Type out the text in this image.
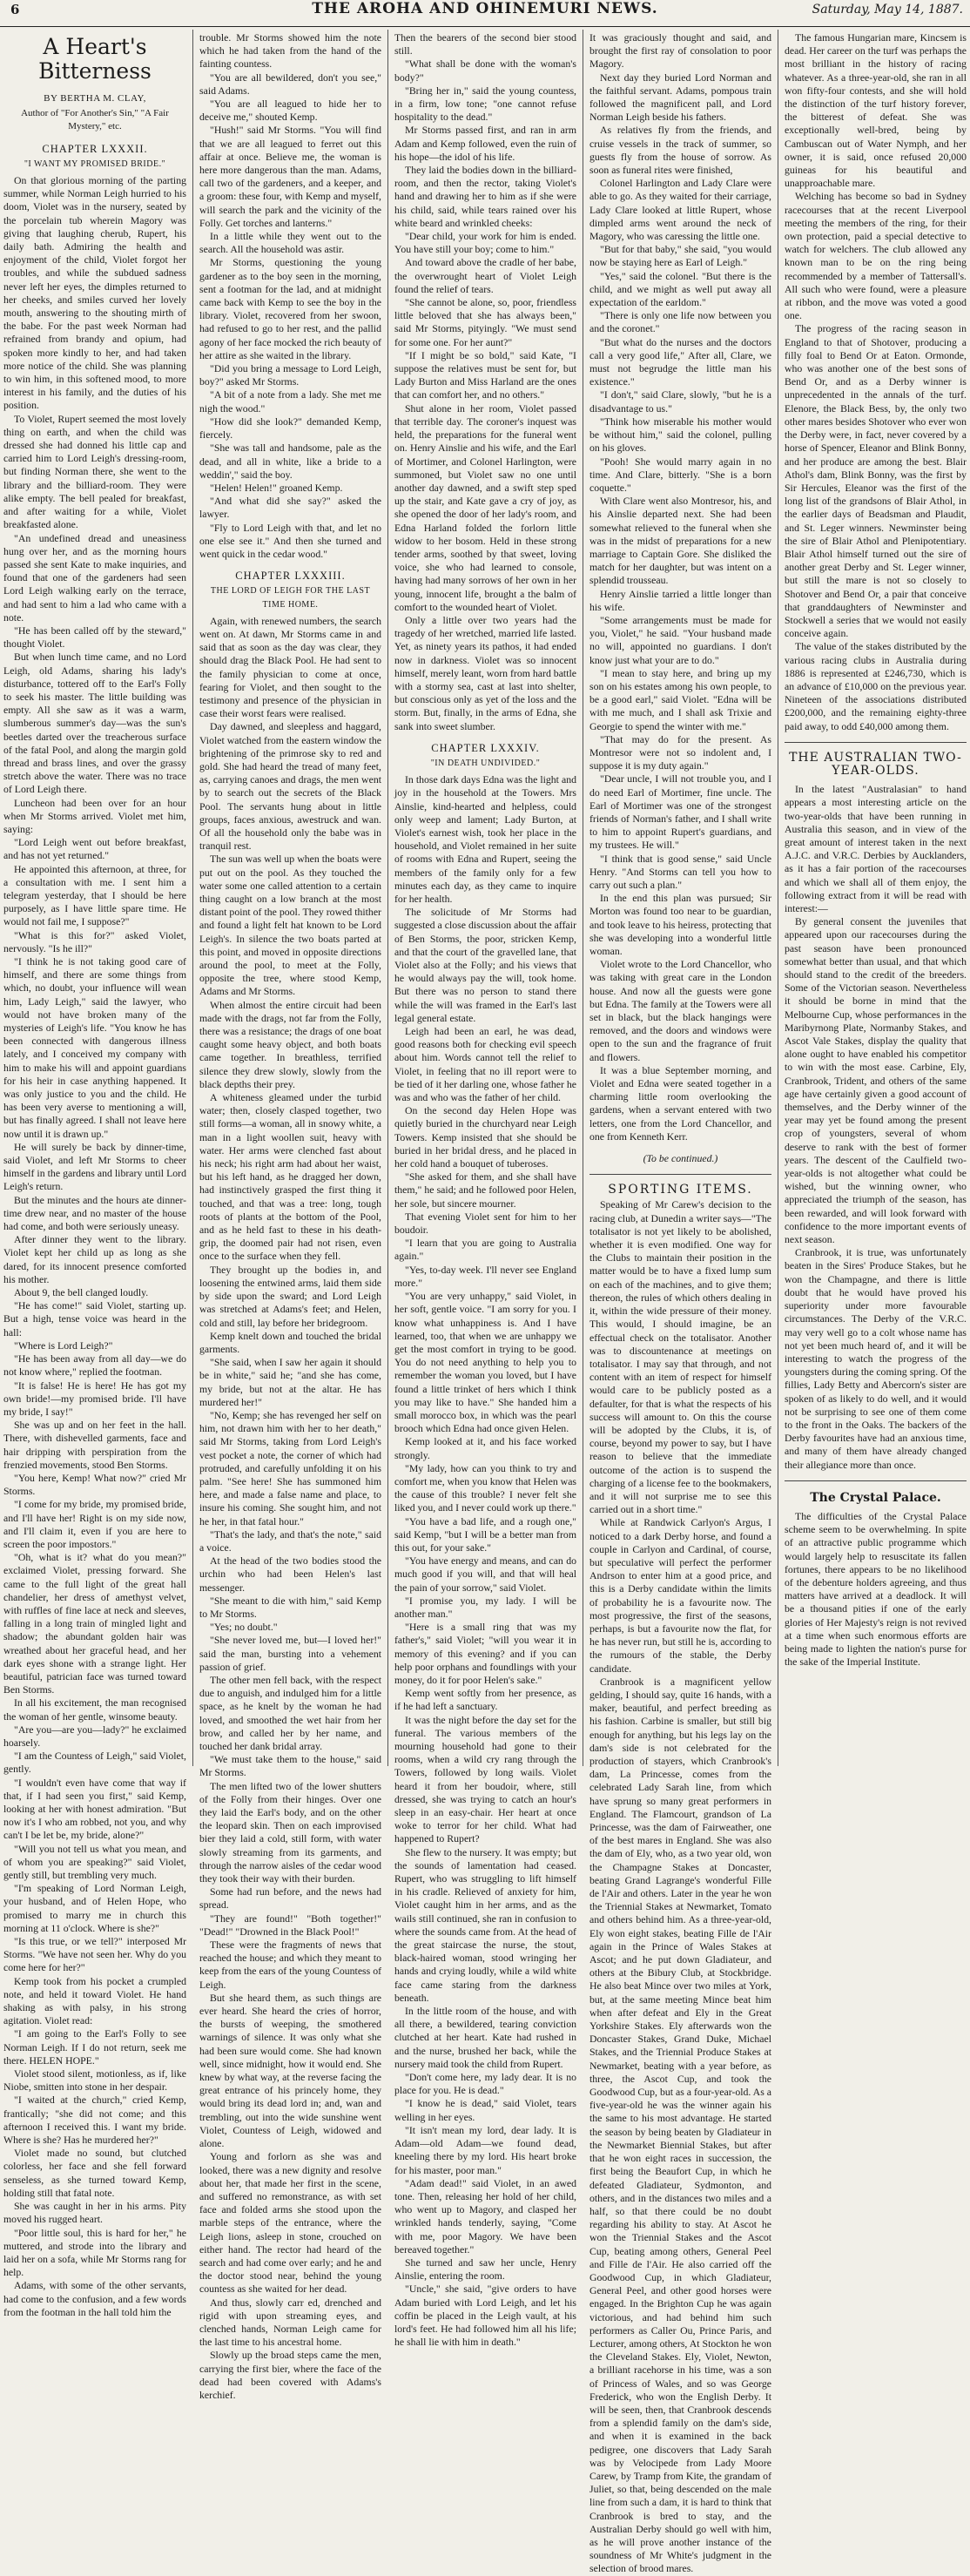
6	THE AROHA AND OHINEMURI NEWS.	Saturday, May 14, 1887.
A Heart's Bitterness
BY BERTHA M. CLAY,
Author of "For Another's Sin," "A Fair Mystery," etc.
CHAPTER LXXXII.
"I WANT MY PROMISED BRIDE."

On that glorious morning of the parting summer, while Norman Leigh hurried to his doom, Violet was in the nursery, seated by the porcelain tub wherein Magory was giving that laughing cherub, Rupert, his daily bath. Admiring the health and enjoyment of the child, Violet forgot her troubles, and while the subdued sadness never left her eyes, the dimples returned to her cheeks, and smiles curved her lovely mouth, answering to the shouting mirth of the babe. For the past week Norman had refrained from brandy and opium, had spoken more kindly to her, and had taken more notice of the child. She was planning to win him, in this softened mood, to more interest in his family, and the duties of his position.

To Violet, Rupert seemed the most lovely thing on earth, and when the child was dressed she had donned his little cap and carried him to Lord Leigh's dressing-room, but finding Norman there, she went to the library and the billiard-room. They were alike empty. The bell pealed for breakfast, and after waiting for a while, Violet breakfasted alone.

"An undefined dread and uneasiness hung over her, and as the morning hours passed she sent Kate to make inquiries, and found that one of the gardeners had seen Lord Leigh walking early on the terrace, and had sent to him a lad who came with a note.

"He has been called off by the steward," thought Violet.

But when lunch time came, and no Lord Leigh, old Adams, sharing his lady's disturbance, tottered off to the Earl's Folly to seek his master. The little building was empty. All she saw as it was a warm, slumberous summer's day—was the sun's beetles darted over the treacherous surface of the fatal Pool, and along the margin gold thread and brass lines, and over the grassy stretch above the water. There was no trace of Lord Leigh there.

Luncheon had been over for an hour when Mr Storms arrived. Violet met him, saying:

"Lord Leigh went out before breakfast, and has not yet returned."

He appointed this afternoon, at three, for a consultation with me. I sent him a telegram yesterday, that I should be here purposely, as I have little spare time. He would not fail me, I suppose?"

"What is this for?" asked Violet, nervously. "Is he ill?"

"I think he is not taking good care of himself, and there are some things from which, no doubt, your influence will wean him, Lady Leigh," said the lawyer, who would not have broken many of the mysteries of Leigh's life. "You know he has been connected with dangerous illness lately, and I conceived my company with him to make his will and appoint guardians for his heir in case anything happened. It was only justice to you and the child. He has been very averse to mentioning a will, but has finally agreed. I shall not leave here now until it is drawn up."

He will surely be back by dinner-time, said Violet, and left Mr Storms to cheer himself in the gardens and library until Lord Leigh's return.

But the minutes and the hours ate dinner-time drew near, and no master of the house had come, and both were seriously uneasy.

After dinner they went to the library. Violet kept her child up as long as she dared, for its innocent presence comforted his mother.

About 9, the bell clanged loudly.

"He has come!" said Violet, starting up. But a high, tense voice was heard in the hall:

"Where is Lord Leigh?"

"He has been away from all day—we do not know where," replied the footman.

"It is false! He is here! He has got my own bride!—my promised bride. I'll have my bride, I say!"

She was up and on her feet in the hall. There, with dishevelled garments, face and hair dripping with perspiration from the frenzied movements, stood Ben Storms.

"You here, Kemp! What now?" cried Mr Storms.

"I come for my bride, my promised bride, and I'll have her! Right is on my side now, and I'll claim it, even if you are here to screen the poor impostors."

"Oh, what is it? what do you mean?" exclaimed Violet, pressing forward. She came to the full light of the great hall chandelier, her dress of amethyst velvet, with ruffles of fine lace at neck and sleeves, falling in a long train of mingled light and shadow; the abundant golden hair was wreathed about her graceful head, and her dark eyes shone with a strange light. Her beautiful, patrician face was turned toward Ben Storms.

In all his excitement, the man recognised the woman of her gentle, winsome beauty.

"Are you—are you—lady?" he exclaimed hoarsely.

"I am the Countess of Leigh," said Violet, gently.

"I wouldn't even have come that way if that, if I had seen you first," said Kemp, looking at her with honest admiration. "But now it's I who am robbed, not you, and why can't I be let be, my bride, alone?"

"Will you not tell us what you mean, and of whom you are speaking?" said Violet, gently still, but trembling very much.

"I'm speaking of Lord Norman Leigh, your husband, and of Helen Hope, who promised to marry me in church this morning at 11 o'clock. Where is she?"

"Is this true, or we tell?" interposed Mr Storms. "We have not seen her. Why do you come here for her?"

Kemp took from his pocket a crumpled note, and held it toward Violet. He hand shaking as with palsy, in his strong agitation. Violet read:

"I am going to the Earl's Folly to see Norman Leigh. If I do not return, seek me there. HELEN HOPE."

Violet stood silent, motionless, as if, like Niobe, smitten into stone in her despair.

"I waited at the church," cried Kemp, frantically; "she did not come; and this afternoon I received this. I want my bride. Where is she? Has he murdered her?"

Violet made no sound, but clutched colorless, her face and she fell forward senseless, as she turned toward Kemp, holding still that fatal note.

She was caught in her in his arms. Pity moved his rugged heart.

"Poor little soul, this is hard for her," he muttered, and strode into the library and laid her on a sofa, while Mr Storms rang for help.

Adams, with some of the other servants, had come to the confusion, and a few words from the footman in the hall told him the

trouble. Mr Storms showed him the note which he had taken from the hand of the fainting countess.

"You are all bewildered, don't you see," said Adams.

"You are all leagued to hide her to deceive me," shouted Kemp.

"Hush!" said Mr Storms. "You will find that we are all leagued to ferret out this affair at once. Believe me, the woman is here more dangerous than the man. Adams, call two of the gardeners, and a keeper, and a groom: these four, with Kemp and myself, will search the park and the vicinity of the Folly. Get torches and lanterns."

In a little while they went out to the search. All the household was astir.

Mr Storms, questioning the young gardener as to the boy seen in the morning, sent a footman for the lad, and at midnight came back with Kemp to see the boy in the library. Violet, recovered from her swoon, had refused to go to her rest, and the pallid agony of her face mocked the rich beauty of her attire as she waited in the library.

"Did you bring a message to Lord Leigh, boy?" asked Mr Storms.

"A bit of a note from a lady. She met me nigh the wood."

"How did she look?" demanded Kemp, fiercely.

"She was tall and handsome, pale as the dead, and all in white, like a bride to a weddin'," said the boy.

"Helen! Helen!" groaned Kemp.

"And what did she say?" asked the lawyer.

"Fly to Lord Leigh with that, and let no one else see it." And then she turned and went quick in the cedar wood."

CHAPTER LXXXIII.
THE LORD OF LEIGH FOR THE LAST TIME HOME.

Again, with renewed numbers, the search went on. At dawn, Mr Storms came in and said that as soon as the day was clear, they should drag the Black Pool. He had sent to the family physician to come at once, fearing for Violet, and then sought to the testimony and presence of the physician in case their worst fears were realised.

Day dawned, and sleepless and haggard, Violet watched from the eastern window the brightening of the primrose sky to red and gold. She had heard the tread of many feet, as, carrying canoes and drags, the men went by to search out the secrets of the Black Pool. The servants hung about in little groups, faces anxious, awestruck and wan. Of all the household only the babe was in tranquil rest.

The sun was well up when the boats were put out on the pool. As they touched the water some one called attention to a certain thing caught on a low branch at the most distant point of the pool. They rowed thither and found a light felt hat known to be Lord Leigh's. In silence the two boats parted at this point, and moved in opposite directions around the pool, to meet at the Folly, opposite the tree, where stood Kemp, Adams and Mr Storms.

When almost the entire circuit had been made with the drags, not far from the Folly, there was a resistance; the drags of one boat caught some heavy object, and both boats came together. In breathless, terrified silence they drew slowly, slowly from the black depths their prey.

A whiteness gleamed under the turbid water; then, closely clasped together, two still forms—a woman, all in snowy white, a man in a light woollen suit, heavy with water. Her arms were clenched fast about his neck; his right arm had about her waist, but his left hand, as he dragged her down, had instinctively grasped the first thing it touched, and that was a tree: long, tough roots of plants at the bottom of the Pool, and as he held fast to these in his death-grip, the doomed pair had not risen, even once to the surface when they fell.

They brought up the bodies in, and loosening the entwined arms, laid them side by side upon the sward; and Lord Leigh was stretched at Adams's feet; and Helen, cold and still, lay before her bridegroom.

Kemp knelt down and touched the bridal garments.

"She said, when I saw her again it should be in white," said he; "and she has come, my bride, but not at the altar. He has murdered her!"

"No, Kemp; she has revenged her self on him, not drawn him with her to her death," said Mr Storms, taking from Lord Leigh's vest pocket a note, the corner of which had protruded, and carefully unfolding it on his palm. "See here! She has summoned him here, and made a false name and place, to insure his coming. She sought him, and not he her, in that fatal hour."

"That's the lady, and that's the note," said a voice.

At the head of the two bodies stood the urchin who had been Helen's last messenger.

"She meant to die with him," said Kemp to Mr Storms.

"Yes; no doubt."

"She never loved me, but—I loved her!" said the man, bursting into a vehement passion of grief.

The other men fell back, with the respect due to anguish, and indulged him for a little space, as he knelt by the woman he had loved, and smoothed the wet hair from her brow, and called her by her name, and touched her dank bridal array.

"We must take them to the house," said Mr Storms.

The men lifted two of the lower shutters of the Folly from their hinges. Over one they laid the Earl's body, and on the other the leopard skin. Then on each improvised bier they laid a cold, still form, with water slowly streaming from its garments, and through the narrow aisles of the cedar wood they took their way with their burden.

Some had run before, and the news had spread.

"They are found!" "Both together!" "Dead!" "Drowned in the Black Pool!"

These were the fragments of news that reached the house; and which they meant to keep from the ears of the young Countess of Leigh.

But she heard them, as such things are ever heard. She heard the cries of horror, the bursts of weeping, the smothered warnings of silence. It was only what she had been sure would come. She had known well, since midnight, how it would end. She knew by what way, at the reverse facing the great entrance of his princely home, they would bring its dead lord in; and, wan and trembling, out into the wide sunshine went Violet, Countess of Leigh, widowed and alone.

Young and forlorn as she was and looked, there was a new dignity and resolve about her, that made her first in the scene, and suffered no remonstrance, as with set face and folded arms she stood upon the marble steps of the entrance, where the Leigh lions, asleep in stone, crouched on either hand. The rector had heard of the search and had come over early; and he and the doctor stood near, behind the young countess as she waited for her dead.

And thus, slowly carr ed, drenched and rigid with upon streaming eyes, and clenched hands, Norman Leigh came for the last time to his ancestral home.

Slowly up the broad steps came the men, carrying the first bier, where the face of the dead had been covered with Adams's kerchief.

Then the bearers of the second bier stood still.

"What shall be done with the woman's body?"

"Bring her in," said the young countess, in a firm, low tone; "one cannot refuse hospitality to the dead."

Mr Storms passed first, and ran in arm Adam and Kemp followed, even the ruin of his hope—the idol of his life.

They laid the bodies down in the billiard-room, and then the rector, taking Violet's hand and drawing her to him as if she were his child, said, while tears rained over his white beard and wrinkled cheeks:

"Dear child, your work for him is ended. You have still your boy; come to him."

And toward above the cradle of her babe, the overwrought heart of Violet Leigh found the relief of tears.

"She cannot be alone, so, poor, friendless little beloved that she has always been," said Mr Storms, pityingly. "We must send for some one. For her aunt?"

"If I might be so bold," said Kate, "I suppose the relatives must be sent for, but Lady Burton and Miss Harland are the ones that can comfort her, and no others."

Shut alone in her room, Violet passed that terrible day. The coroner's inquest was held, the preparations for the funeral went on. Henry Ainslie and his wife, and the Earl of Mortimer, and Colonel Harlington, were summoned, but Violet saw no one until another day dawned, and a swift step sped up the stair, and Kate gave a cry of joy, as she opened the door of her lady's room, and Edna Harland folded the forlorn little widow to her bosom. Held in these strong tender arms, soothed by that sweet, loving voice, she who had learned to console, having had many sorrows of her own in her young, innocent life, brought a the balm of comfort to the wounded heart of Violet.

Only a little over two years had the tragedy of her wretched, married life lasted. Yet, as ninety years its pathos, it had ended now in darkness. Violet was so innocent himself, merely leant, worn from hard battle with a stormy sea, cast at last into shelter, but conscious only as yet of the loss and the storm. But, finally, in the arms of Edna, she sank into sweet slumber.

CHAPTER LXXXIV.
"IN DEATH UNDIVIDED."

In those dark days Edna was the light and joy in the household at the Towers. Mrs Ainslie, kind-hearted and helpless, could only weep and lament; Lady Burton, at Violet's earnest wish, took her place in the household, and Violet remained in her suite of rooms with Edna and Rupert, seeing the members of the family only for a few minutes each day, as they came to inquire for her health.

The solicitude of Mr Storms had suggested a close discussion about the affair of Ben Storms, the poor, stricken Kemp, and that the court of the gravelled lane, that Violet also at the Folly; and his views that he would always pay the will, took home. But there was no person to stand there while the will was framed in the Earl's last legal general estate.

Leigh had been an earl, he was dead, good reasons both for checking evil speech about him. Words cannot tell the relief to Violet, in feeling that no ill report were to be tied of it her darling one, whose father he was and who was the father of her child.

On the second day Helen Hope was quietly buried in the churchyard near Leigh Towers. Kemp insisted that she should be buried in her bridal dress, and he placed in her cold hand a bouquet of tuberoses.

"She asked for them, and she shall have them," he said; and he followed poor Helen, her sole, but sincere mourner.

That evening Violet sent for him to her boudoir.

"I learn that you are going to Australia again."

"Yes, to-day week. I'll never see England more."

"You are very unhappy," said Violet, in her soft, gentle voice. "I am sorry for you. I know what unhappiness is. And I have learned, too, that when we are unhappy we get the most comfort in trying to be good. You do not need anything to help you to remember the woman you loved, but I have found a little trinket of hers which I think you may like to have." She handed him a small morocco box, in which was the pearl brooch which Edna had once given Helen.

Kemp looked at it, and his face worked strongly.

"My lady, how can you think to try and comfort me, when you know that Helen was the cause of this trouble? I never felt she liked you, and I never could work up there."

"You have a bad life, and a rough one," said Kemp, "but I will be a better man from this out, for your sake."

"You have energy and means, and can do much good if you will, and that will heal the pain of your sorrow," said Violet.

"I promise you, my lady. I will be another man."

"Here is a small ring that was my father's," said Violet; "will you wear it in memory of this evening? and if you can help poor orphans and foundlings with your money, do it for poor Helen's sake."

Kemp went softly from her presence, as if he had left a sanctuary.

It was the night before the day set for the funeral. The various members of the mourning household had gone to their rooms, when a wild cry rang through the Towers, followed by long wails. Violet heard it from her boudoir, where, still dressed, she was trying to catch an hour's sleep in an easy-chair. Her heart at once woke to terror for her child. What had happened to Rupert?

She flew to the nursery. It was empty; but the sounds of lamentation had ceased. Rupert, who was struggling to lift himself in his cradle. Relieved of anxiety for him, Violet caught him in her arms, and as the wails still continued, she ran in confusion to where the sounds came from. At the head of the great staircase the nurse, the stout, black-haired woman, stood wringing her hands and crying loudly, while a wild white face came staring from the darkness beneath.

In the little room of the house, and with all there, a bewildered, tearing conviction clutched at her heart. Kate had rushed in and the nurse, brushed her back, while the nursery maid took the child from Rupert.

"Don't come here, my lady dear. It is no place for you. He is dead."

"I know he is dead," said Violet, tears welling in her eyes.

"It isn't mean my lord, dear lady. It is Adam—old Adam—we found dead, kneeling there by my lord. His heart broke for his master, poor man."

"Adam dead!" said Violet, in an awed tone. Then, releasing her hold of her child, who went up to Magory, and clasped her wrinkled hands tenderly, saying, "Come with me, poor Magory. We have been bereaved together."

She turned and saw her uncle, Henry Ainslie, entering the room.

"Uncle," she said, "give orders to have Adam buried with Lord Leigh, and let his coffin be placed in the Leigh vault, at his lord's feet. He had followed him all his life; he shall lie with him in death."

It was graciously thought and said, and brought the first ray of consolation to poor Magory.

Next day they buried Lord Norman and the faithful servant. Adams, pompous train followed the magnificent pall, and Lord Norman Leigh beside his fathers.

As relatives fly from the friends, and cruise vessels in the track of summer, so guests fly from the house of sorrow. As soon as funeral rites were finished,

Colonel Harlington and Lady Clare were able to go. As they waited for their carriage, Lady Clare looked at little Rupert, whose dimpled arms went around the neck of Magory, who was caressing the little one.

"But for that baby," she said, "you would now be staying here as Earl of Leigh."

"Yes," said the colonel. "But there is the child, and we might as well put away all expectation of the earldom."

"There is only one life now between you and the coronet."

"But what do the nurses and the doctors call a very good life," After all, Clare, we must not begrudge the little man his existence."

"I don't," said Clare, slowly, "but he is a disadvantage to us."

"Think how miserable his mother would be without him," said the colonel, pulling on his gloves.

"Pooh! She would marry again in no time. And Clare, bitterly. "She is a born coquette."

With Clare went also Montresor, his, and his Ainslie departed next. She had been somewhat relieved to the funeral when she was in the midst of preparations for a new marriage to Captain Gore. She disliked the match for her daughter, but was intent on a splendid trousseau.

Henry Ainslie tarried a little longer than his wife.

"Some arrangements must be made for you, Violet," he said. "Your husband made no will, appointed no guardians. I don't know just what your are to do."

"I mean to stay here, and bring up my son on his estates among his own people, to be a good earl," said Violet. "Edna will be with me much, and I shall ask Trixie and Georgie to spend the winter with me."

"That may do for the present. As Montresor were not so indolent and, I suppose it is my duty again."

"Dear uncle, I will not trouble you, and I do need Earl of Mortimer, fine uncle. The Earl of Mortimer was one of the strongest friends of Norman's father, and I shall write to him to appoint Rupert's guardians, and my trustees. He will."

"I think that is good sense," said Uncle Henry. "And Storms can tell you how to carry out such a plan."

In the end this plan was pursued; Sir Morton was found too near to be guardian, and took leave to his heiress, protecting that she was developing into a wonderful little woman.

Violet wrote to the Lord Chancellor, who was taking with great care in the London house. And now all the guests were gone but Edna. The family at the Towers were all set in black, but the black hangings were removed, and the doors and windows were open to the sun and the fragrance of fruit and flowers.

It was a blue September morning, and Violet and Edna were seated together in a charming little room overlooking the gardens, when a servant entered with two letters, one from the Lord Chancellor, and one from Kenneth Kerr.

(To be continued.)
SPORTING ITEMS.

Speaking of Mr Carew's decision to the racing club, at Dunedin a writer says—"The totalisator is not yet likely to be abolished, whether it is even modified. One way for the Clubs to maintain their position in the matter would be to have a fixed lump sum on each of the machines, and to give them; thereon, the rules of which others dealing in it, within the wide pressure of their money. This would, I should imagine, be an effectual check on the totalisator. Another was to discountenance at meetings on totalisator. I may say that through, and not content with an item of respect for himself would care to be publicly posted as a defaulter, for that is what the respects of his success will amount to. On this the course will be adopted by the Clubs, it is, of course, beyond my power to say, but I have reason to believe that the immediate outcome of the action is to suspend the charging of a license fee to the bookmakers, and it will not surprise me to see this carried out in a short time."

While at Randwick Carlyon's Argus, I noticed to a dark Derby horse, and found a couple in Carlyon and Cardinal, of course, but speculative will perfect the performer Andrson to enter him at a good price, and this is a Derby candidate within the limits of probability he is a favourite now. The most progressive, the first of the seasons, perhaps, is but a favourite now the flat, for he has never run, but still he is, according to the rumours of the stable, the Derby candidate.

Cranbrook is a magnificent yellow gelding, I should say, quite 16 hands, with a maker, beautiful, and perfect breeding as his fashion. Carbine is smaller, but still big enough for anything, but his legs lay on the dam's side is not celebrated for the production of stayers, which Cranbrook's dam, La Princesse, comes from the celebrated Lady Sarah line, from which have sprung so many great performers in England. The Flamcourt, grandson of La Princesse, was the dam of Fairweather, one of the best mares in England. She was also the dam of Ely, who, as a two year old, won the Champagne Stakes at Doncaster, beating Grand Lagrange's wonderful Fille de l'Air and others. Later in the year he won the Triennial Stakes at Newmarket, Tomato and others behind him. As a three-year-old, Ely won eight stakes, beating Fille de l'Air again in the Prince of Wales Stakes at Ascot; and he put down Gladiateur, and others at the Bibury Club, at Stockbridge. He also beat Mince over two miles at York, but, at the same meeting Mince beat him when after defeat and Ely in the Great Yorkshire Stakes. Ely afterwards won the Doncaster Stakes, Grand Duke, Michael Stakes, and the Triennial Produce Stakes at Newmarket, beating with a year before, as three, the Ascot Cup, and took the Goodwood Cup, but as a four-year-old. As a five-year-old he was the winner again his the same to his most advantage. He started the season by being beaten by Gladiateur in the Newmarket Biennial Stakes, but after that he won eight races in succession, the first being the Beaufort Cup, in which he defeated Gladiateur, Sydmonton, and others, and in the distances two miles and a half, so that there could be no doubt regarding his ability to stay. At Ascot he won the Triennial Stakes and the Ascot Cup, beating among others, General Peel and Fille de l'Air. He also carried off the Goodwood Cup, in which Gladiateur, General Peel, and other good horses were engaged. In the Brighton Cup he was again victorious, and had behind him such performers as Caller Ou, Prince Paris, and Lecturer, among others, At Stockton he won the Cleveland Stakes. Ely, Violet, Newton, a brilliant racehorse in his time, was a son of Princess of Wales, and so was George Frederick, who won the English Derby. It will be seen, then, that Cranbrook descends from a splendid family on the dam's side, and when it is examined in the back pedigree, one discovers that Lady Sarah was by Velocipede from Lady Moore Carew, by Tramp from Kite, the grandam of Juliet, so that, being descended on the male line from such a dam, it is hard to think that Cranbrook is bred to stay, and the Australian Derby should go well with him, as he will prove another instance of the soundness of Mr White's judgment in the selection of brood mares.

The famous Hungarian mare, Kincsem is dead. Her career on the turf was perhaps the most brilliant in the history of racing whatever. As a three-year-old, she ran in all won fifty-four contests, and she will hold the distinction of the turf history forever, the bitterest of defeat. She was exceptionally well-bred, being by Cambuscan out of Water Nymph, and her owner, it is said, once refused 20,000 guineas for his beautiful and unapproachable mare.

Welching has become so bad in Sydney racecourses that at the recent Liverpool meeting the members of the ring, for their own protection, paid a special detective to watch for welchers. The club allowed any known man to be on the ring being recommended by a member of Tattersall's. All such who were found, were a pleasure at ribbon, and the move was voted a good one.

The progress of the racing season in England to that of Shotover, producing a filly foal to Bend Or at Eaton. Ormonde, who was another one of the best sons of Bend Or, and as a Derby winner is unprecedented in the annals of the turf. Elenore, the Black Bess, by, the only two other mares besides Shotover who ever won the Derby were, in fact, never covered by a horse of Spencer, Eleanor and Blink Bonny, and her produce are among the best. Blair Athol's dam, Blink Bonny, was the first by Sir Hercules, Eleanor was the first of the long list of the grandsons of Blair Athol, in the earlier days of Beadsman and Plaudit, and St. Leger winners. Newminster being the sire of Blair Athol and Plenipotentiary. Blair Athol himself turned out the sire of another great Derby and St. Leger winner, but still the mare is not so closely to Shotover and Bend Or, a pair that conceive that granddaughters of Newminster and Stockwell a series that we would not easily conceive again.

The value of the stakes distributed by the various racing clubs in Australia during 1886 is represented at £246,730, which is an advance of £10,000 on the previous year. Nineteen of the associations distributed £200,000, and the remaining eighty-three paid away, to odd £40,000 among them.

THE AUSTRALIAN TWO-YEAR-OLDS.

In the latest "Australasian" to hand appears a most interesting article on the two-year-olds that have been running in Australia this season, and in view of the great amount of interest taken in the next A.J.C. and V.R.C. Derbies by Aucklanders, as it has a fair portion of the racecourses and which we shall all of them enjoy, the following extract from it will be read with interest:—

By general consent the juveniles that appeared upon our racecourses during the past season have been pronounced somewhat better than usual, and that which should stand to the credit of the breeders. Some of the Victorian season. Nevertheless it should be borne in mind that the Melbourne Cup, whose performances in the Maribyrnong Plate, Normanby Stakes, and Ascot Vale Stakes, display the quality that alone ought to have enabled his competitor to win with the most ease. Carbine, Ely, Cranbrook, Trident, and others of the same age have certainly given a good account of themselves, and the Derby winner of the year may yet be found among the present crop of youngsters, several of whom deserve to rank with the best of former years. The descent of the Caulfield two-year-olds is not altogether what could be wished, but the winning owner, who appreciated the triumph of the season, has been rewarded, and will look forward with confidence to the more important events of next season.

Cranbrook, it is true, was unfortunately beaten in the Sires' Produce Stakes, but he won the Champagne, and there is little doubt that he would have proved his superiority under more favourable circumstances. The Derby of the V.R.C. may very well go to a colt whose name has not yet been much heard of, and it will be interesting to watch the progress of the youngsters during the coming spring. Of the fillies, Lady Betty and Abercorn's sister are spoken of as likely to do well, and it would not be surprising to see one of them come to the front in the Oaks. The backers of the Derby favourites have had an anxious time, and many of them have already changed their allegiance more than once.

The Crystal Palace.

The difficulties of the Crystal Palace scheme seem to be overwhelming. In spite of an attractive public programme which would largely help to resuscitate its fallen fortunes, there appears to be no likelihood of the debenture holders agreeing, and thus matters have arrived at a deadlock. It will be a thousand pities if one of the early glories of Her Majesty's reign is not revived at a time when such enormous efforts are being made to lighten the nation's purse for the sake of the Imperial Institute.
